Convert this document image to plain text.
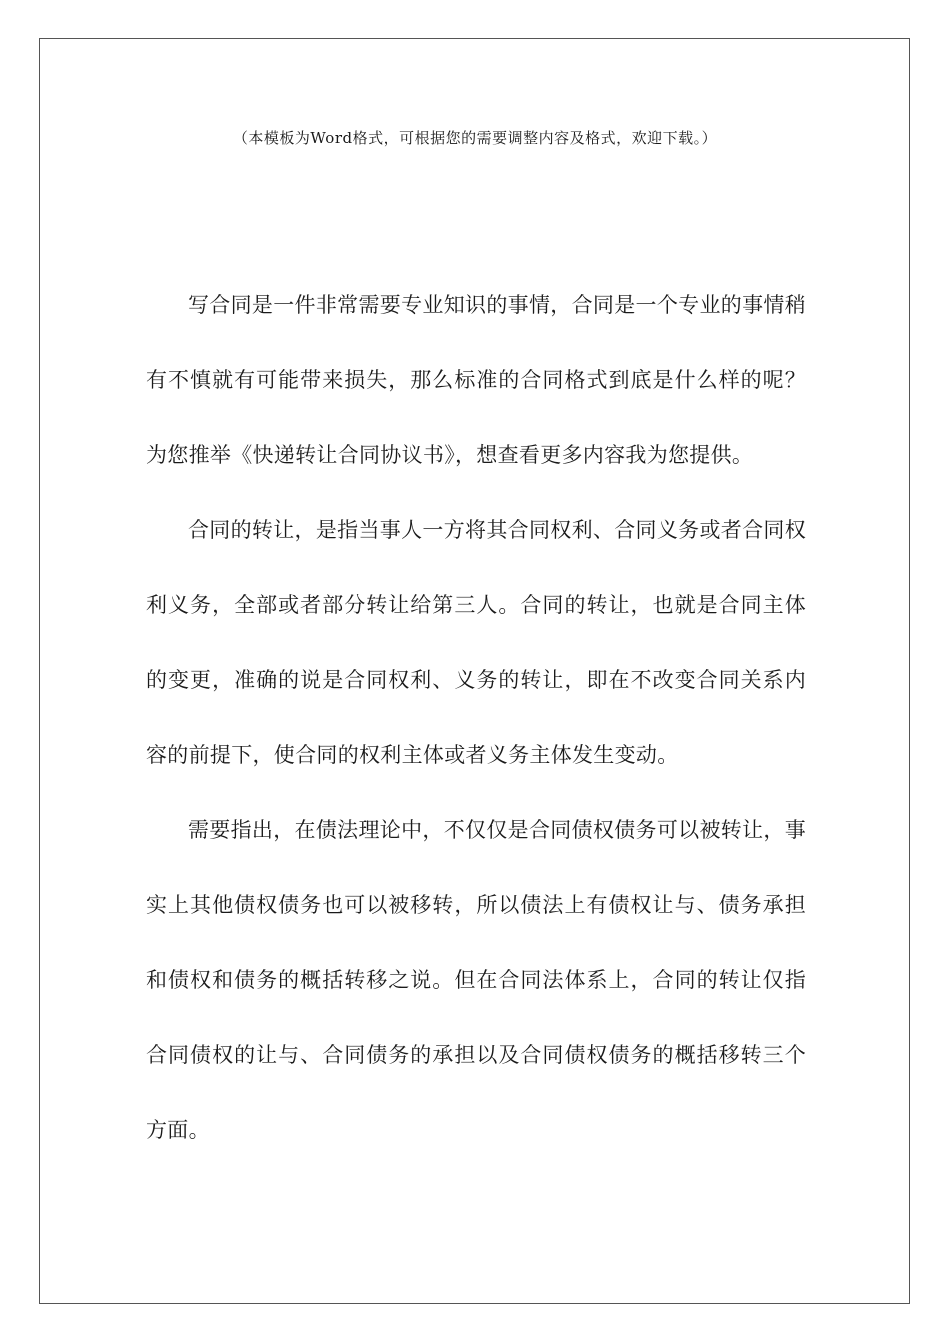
（本模板为Word格式，可根据您的需要调整内容及格式，欢迎下载。）

写合同是一件非常需要专业知识的事情，合同是一个专业的事情稍有不慎就有可能带来损失，那么标准的合同格式到底是什么样的呢？为您推举《快递转让合同协议书》，想查看更多内容我为您提供。

合同的转让，是指当事人一方将其合同权利、合同义务或者合同权利义务，全部或者部分转让给第三人。合同的转让，也就是合同主体的变更，准确的说是合同权利、义务的转让，即在不改变合同关系内容的前提下，使合同的权利主体或者义务主体发生变动。

需要指出，在债法理论中，不仅仅是合同债权债务可以被转让，事实上其他债权债务也可以被移转，所以债法上有债权让与、债务承担和债权和债务的概括转移之说。但在合同法体系上，合同的转让仅指合同债权的让与、合同债务的承担以及合同债权债务的概括移转三个方面。
